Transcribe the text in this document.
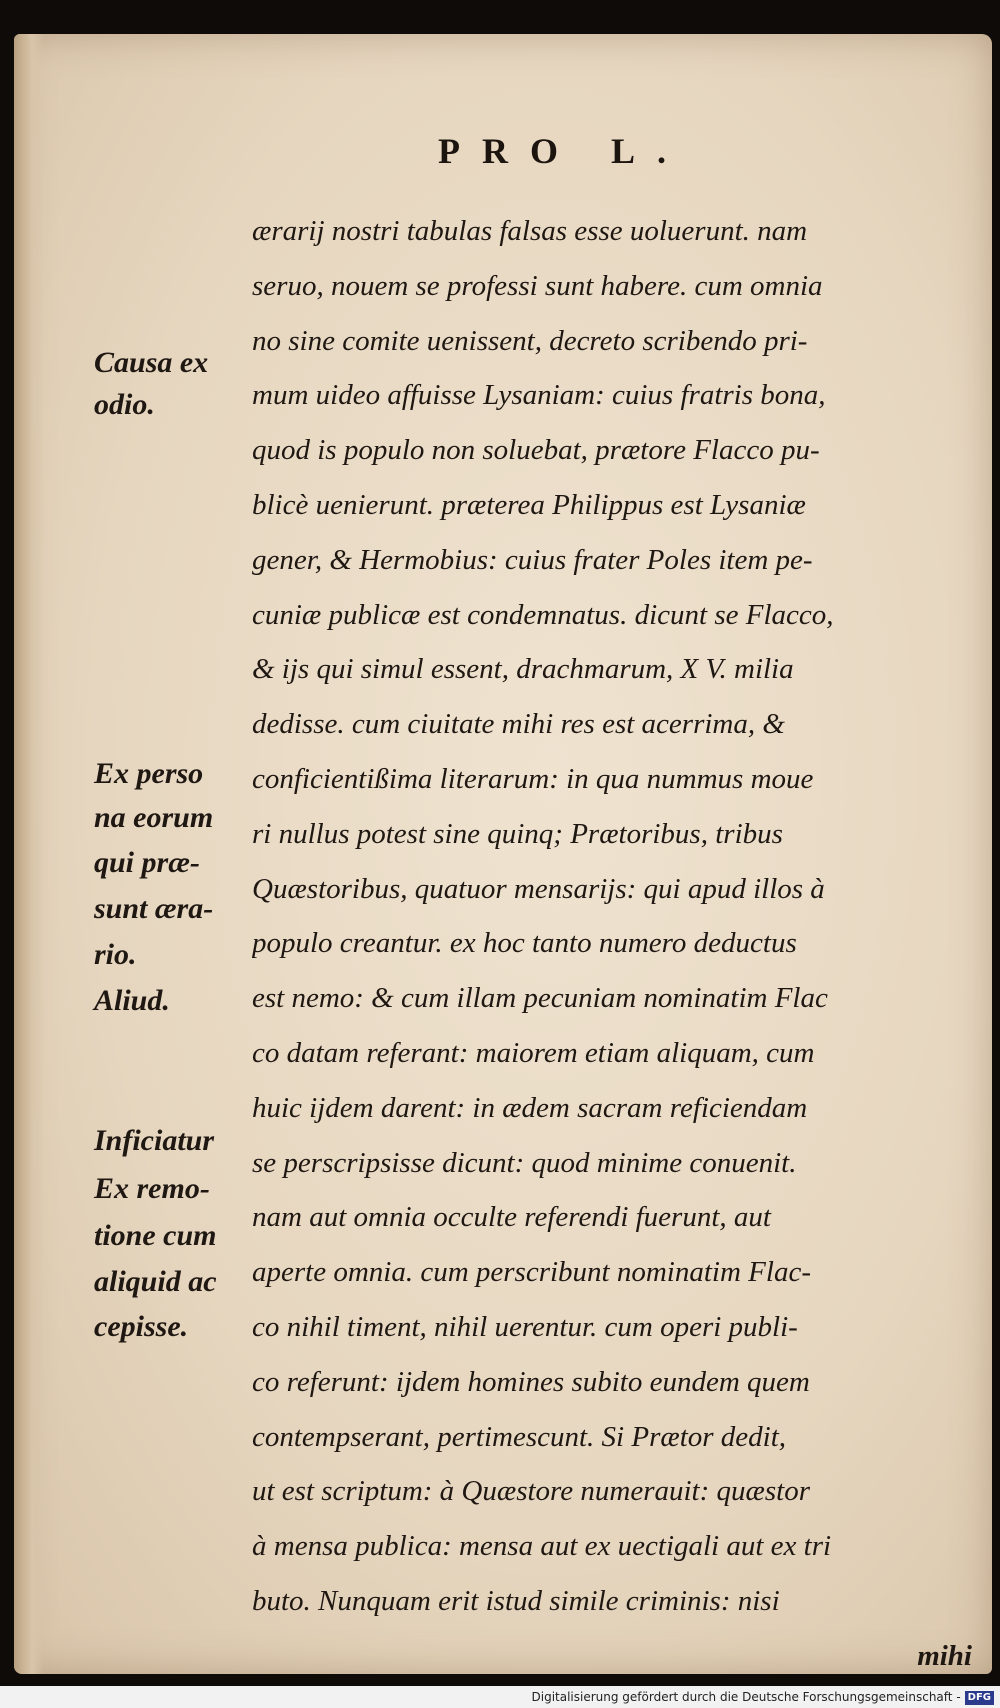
PRO L.
ærarij nostri tabulas falsas esse uoluerunt. nam
seruo, nouem se professi sunt habere. cum omnia
no sine comite uenissent, decreto scribendo pri-
mum uideo affuisse Lysaniam: cuius fratris bona,
quod is populo non soluebat, prætore Flacco pu-
blicè uenierunt. præterea Philippus est Lysaniæ
gener, & Hermobius: cuius frater Poles item pe-
cuniæ publicæ est condemnatus. dicunt se Flacco,
& ijs qui simul essent, drachmarum, X V. milia
dedisse. cum ciuitate mihi res est acerrima, &
conficientißima literarum: in qua nummus moue
ri nullus potest sine quinq; Prætoribus, tribus
Quæstoribus, quatuor mensarijs: qui apud illos à
populo creantur. ex hoc tanto numero deductus
est nemo: & cum illam pecuniam nominatim Flac
co datam referant: maiorem etiam aliquam, cum
huic ijdem darent: in ædem sacram reficiendam
se perscripsisse dicunt: quod minime conuenit.
nam aut omnia occulte referendi fuerunt, aut
aperte omnia. cum perscribunt nominatim Flac-
co nihil timent, nihil uerentur. cum operi publi-
co referunt: ijdem homines subito eundem quem
contempserant, pertimescunt. Si Prætor dedit,
ut est scriptum: à Quæstore numerauit: quæstor
à mensa publica: mensa aut ex uectigali aut ex tri
buto. Nunquam erit istud simile criminis: nisi
mihi
Causa ex
odio.
Ex perso
na eorum
qui præ-
sunt æra-
rio.
Aliud.
Inficiatur
Ex remo-
tione cum
aliquid ac
cepisse.
Digitalisierung gefördert durch die Deutsche Forschungsgemeinschaft - DFG
